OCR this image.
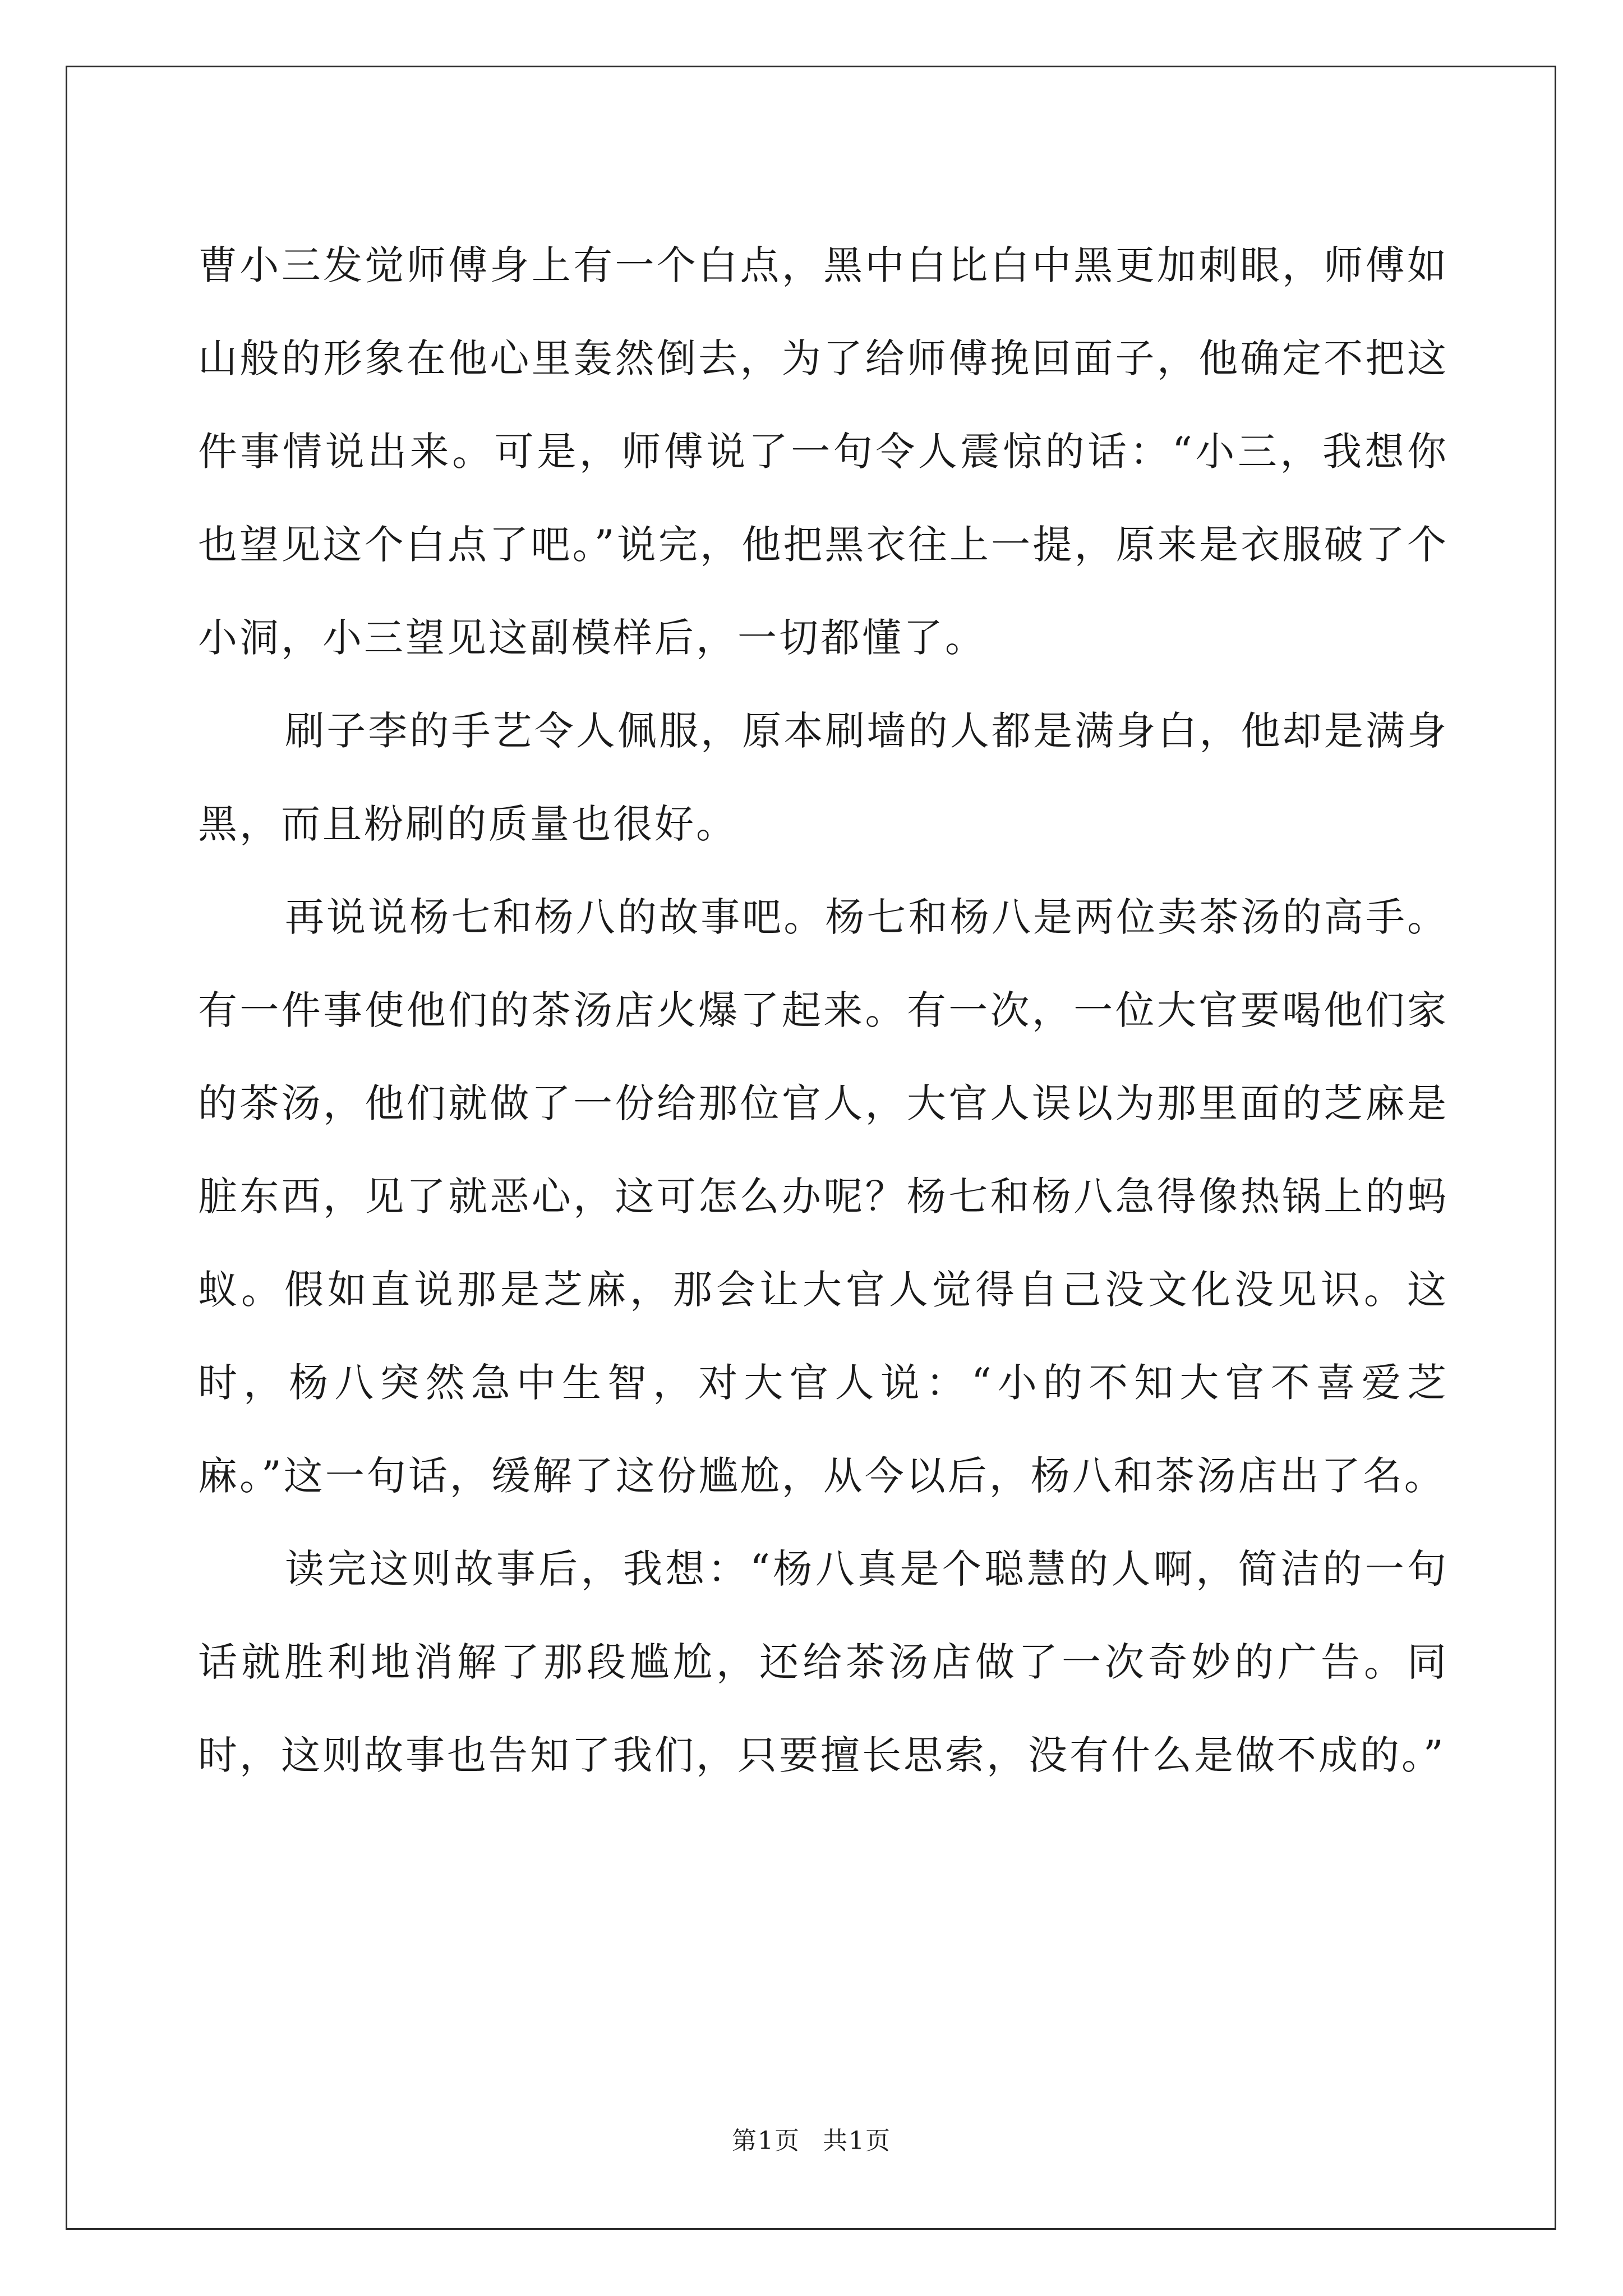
曹小三发觉师傅身上有一个白点，黑中白比白中黑更加刺眼，师傅如山般的形象在他心里轰然倒去，为了给师傅挽回面子，他确定不把这件事情说出来。可是，师傅说了一句令人震惊的话：“小三，我想你也望见这个白点了吧。”说完，他把黑衣往上一提，原来是衣服破了个小洞，小三望见这副模样后，一切都懂了。

刷子李的手艺令人佩服，原本刷墙的人都是满身白，他却是满身黑，而且粉刷的质量也很好。

再说说杨七和杨八的故事吧。杨七和杨八是两位卖茶汤的高手。有一件事使他们的茶汤店火爆了起来。有一次，一位大官要喝他们家的茶汤，他们就做了一份给那位官人，大官人误以为那里面的芝麻是脏东西，见了就恶心，这可怎么办呢？杨七和杨八急得像热锅上的蚂蚁。假如直说那是芝麻，那会让大官人觉得自己没文化没见识。这时，杨八突然急中生智，对大官人说：“小的不知大官不喜爱芝麻。”这一句话，缓解了这份尴尬，从今以后，杨八和茶汤店出了名。

读完这则故事后，我想：“杨八真是个聪慧的人啊，简洁的一句话就胜利地消解了那段尴尬，还给茶汤店做了一次奇妙的广告。同时，这则故事也告知了我们，只要擅长思索，没有什么是做不成的。”

第1页 共1页
